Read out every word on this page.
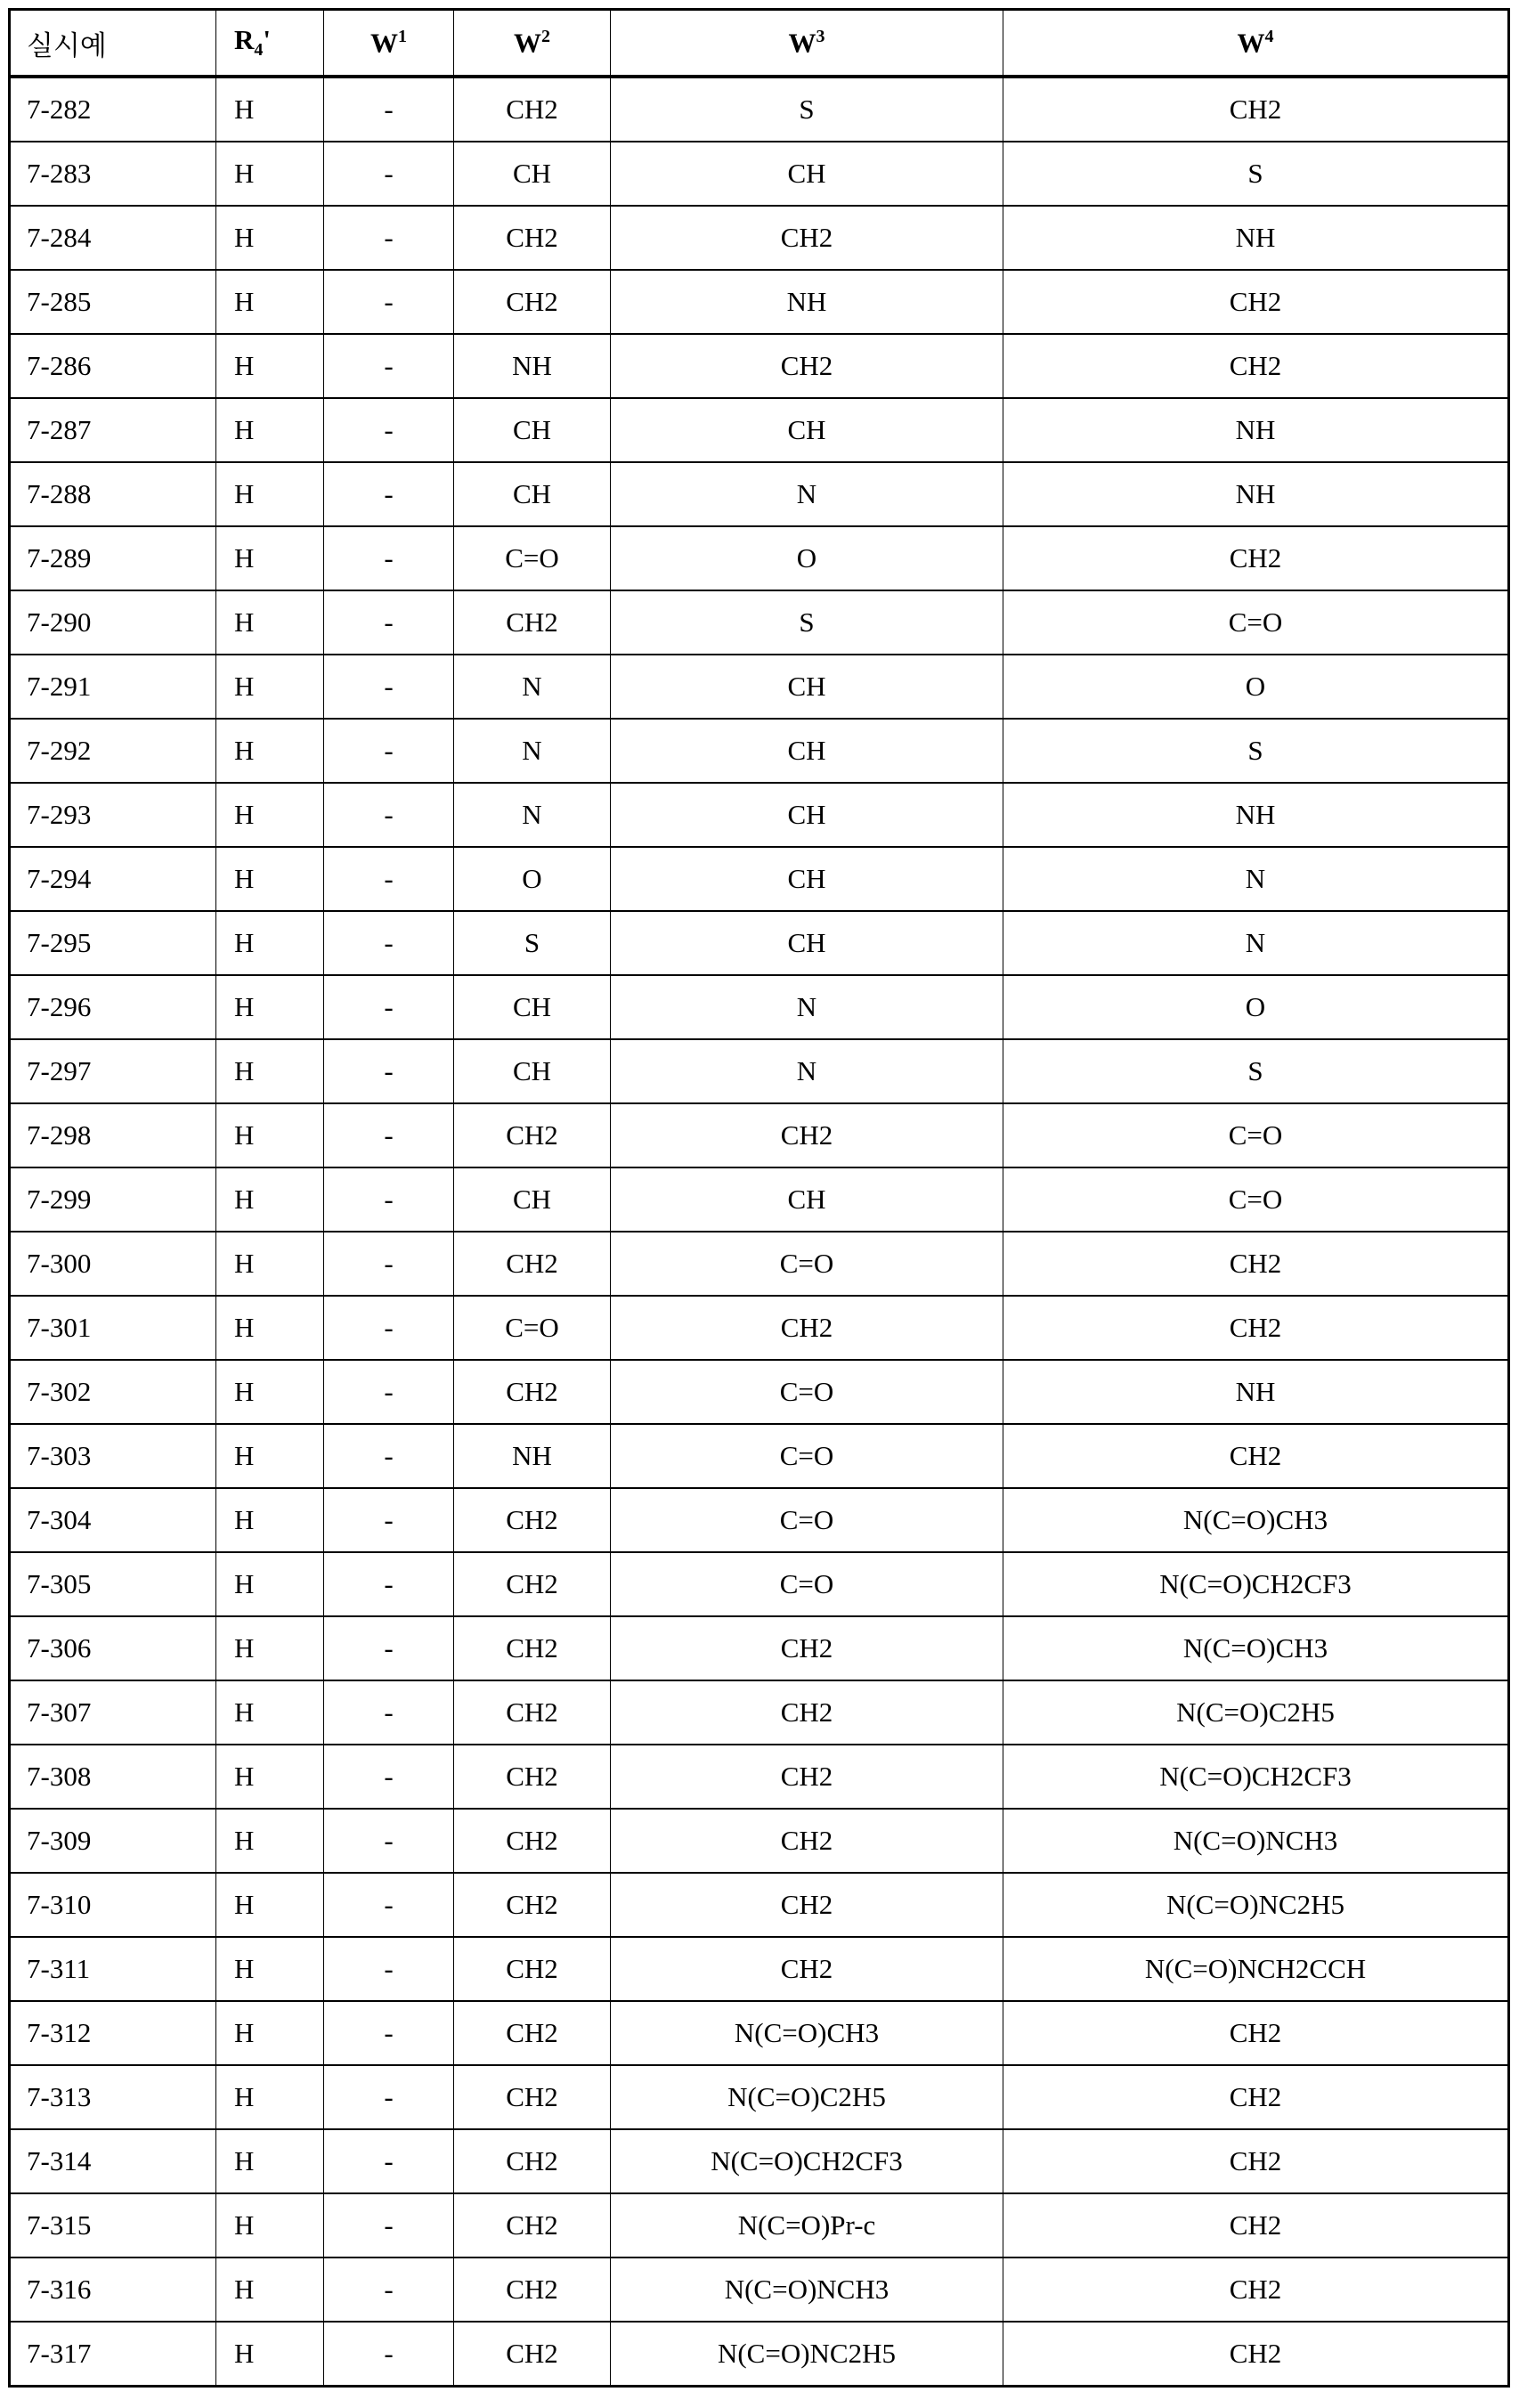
실시예	R4'	W1	W2	W3	W4
7-282	H	-	CH2	S	CH2
7-283	H	-	CH	CH	S
7-284	H	-	CH2	CH2	NH
7-285	H	-	CH2	NH	CH2
7-286	H	-	NH	CH2	CH2
7-287	H	-	CH	CH	NH
7-288	H	-	CH	N	NH
7-289	H	-	C=O	O	CH2
7-290	H	-	CH2	S	C=O
7-291	H	-	N	CH	O
7-292	H	-	N	CH	S
7-293	H	-	N	CH	NH
7-294	H	-	O	CH	N
7-295	H	-	S	CH	N
7-296	H	-	CH	N	O
7-297	H	-	CH	N	S
7-298	H	-	CH2	CH2	C=O
7-299	H	-	CH	CH	C=O
7-300	H	-	CH2	C=O	CH2
7-301	H	-	C=O	CH2	CH2
7-302	H	-	CH2	C=O	NH
7-303	H	-	NH	C=O	CH2
7-304	H	-	CH2	C=O	N(C=O)CH3
7-305	H	-	CH2	C=O	N(C=O)CH2CF3
7-306	H	-	CH2	CH2	N(C=O)CH3
7-307	H	-	CH2	CH2	N(C=O)C2H5
7-308	H	-	CH2	CH2	N(C=O)CH2CF3
7-309	H	-	CH2	CH2	N(C=O)NCH3
7-310	H	-	CH2	CH2	N(C=O)NC2H5
7-311	H	-	CH2	CH2	N(C=O)NCH2CCH
7-312	H	-	CH2	N(C=O)CH3	CH2
7-313	H	-	CH2	N(C=O)C2H5	CH2
7-314	H	-	CH2	N(C=O)CH2CF3	CH2
7-315	H	-	CH2	N(C=O)Pr-c	CH2
7-316	H	-	CH2	N(C=O)NCH3	CH2
7-317	H	-	CH2	N(C=O)NC2H5	CH2
